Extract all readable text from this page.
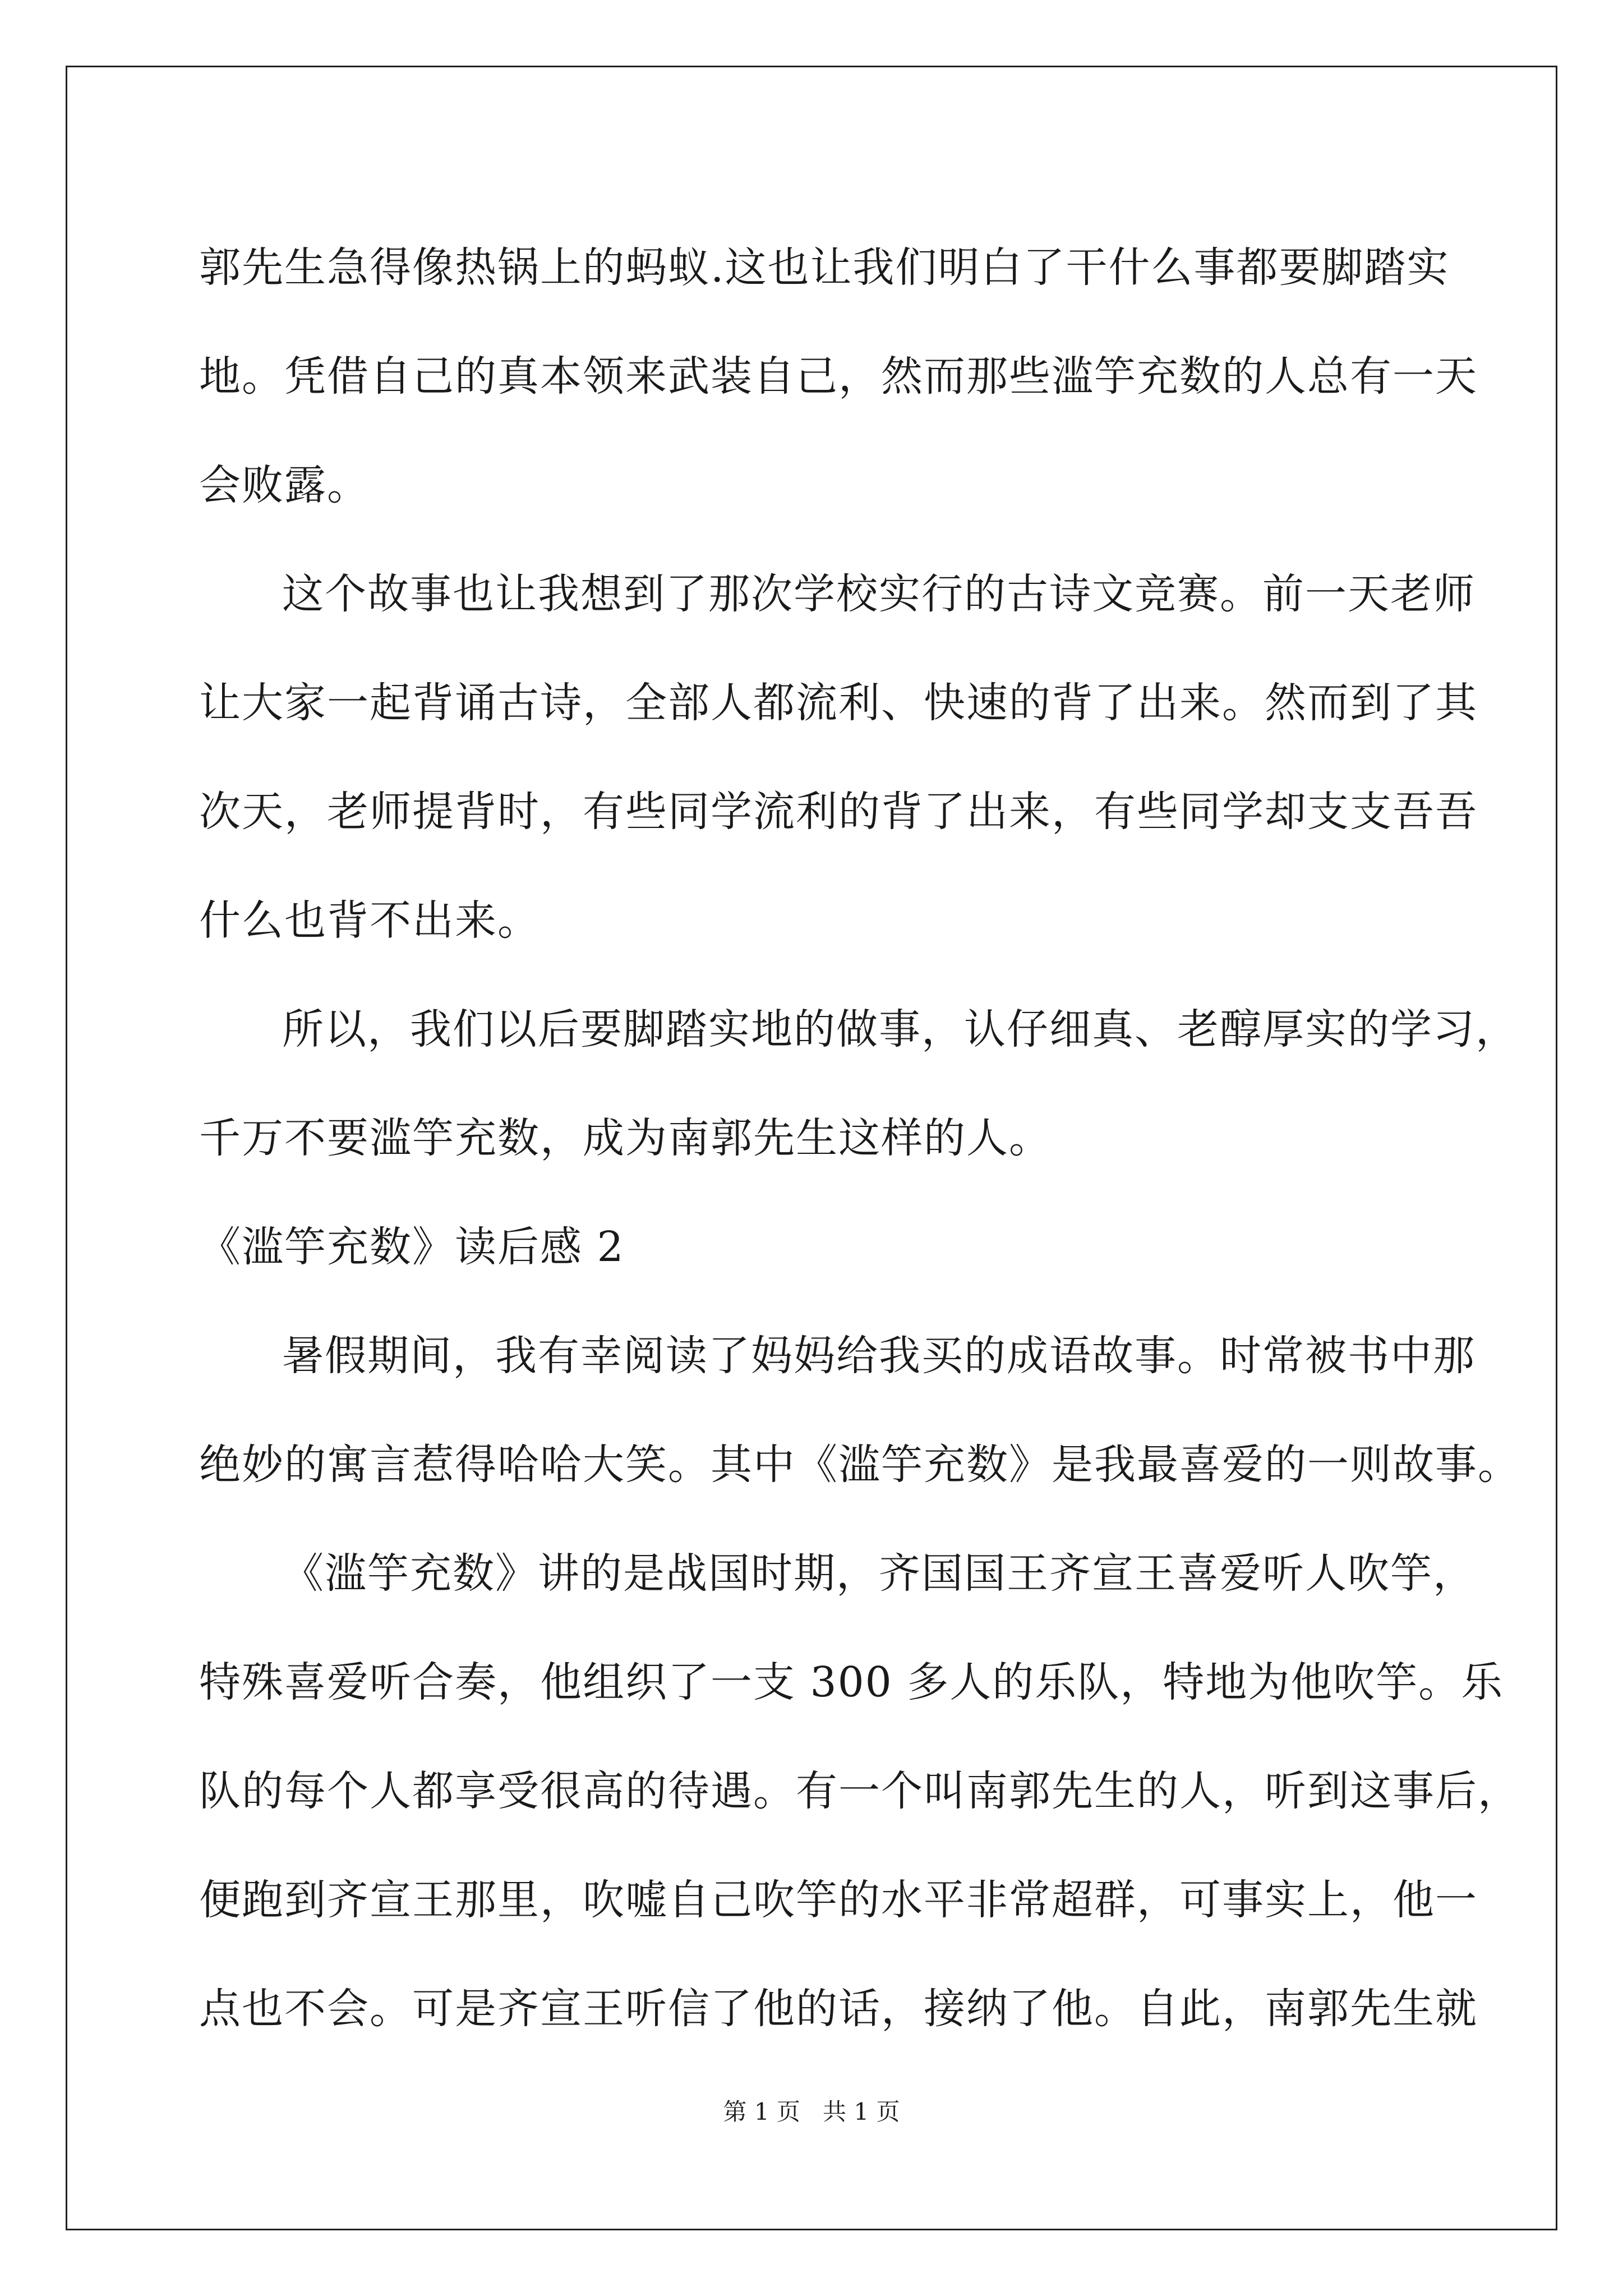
郭先生急得像热锅上的蚂蚁.这也让我们明白了干什么事都要脚踏实
地。凭借自己的真本领来武装自己，然而那些滥竽充数的人总有一天
会败露。
这个故事也让我想到了那次学校实行的古诗文竞赛。前一天老师
让大家一起背诵古诗，全部人都流利、快速的背了出来。然而到了其
次天，老师提背时，有些同学流利的背了出来，有些同学却支支吾吾
什么也背不出来。
所以，我们以后要脚踏实地的做事，认仔细真、老醇厚实的学习，
千万不要滥竽充数，成为南郭先生这样的人。
《滥竽充数》读后感 2
暑假期间，我有幸阅读了妈妈给我买的成语故事。时常被书中那
绝妙的寓言惹得哈哈大笑。其中《滥竽充数》是我最喜爱的一则故事。
《滥竽充数》讲的是战国时期，齐国国王齐宣王喜爱听人吹竽，
特殊喜爱听合奏，他组织了一支 300 多人的乐队，特地为他吹竽。乐
队的每个人都享受很高的待遇。有一个叫南郭先生的人，听到这事后，
便跑到齐宣王那里，吹嘘自己吹竽的水平非常超群，可事实上，他一
点也不会。可是齐宣王听信了他的话，接纳了他。自此，南郭先生就
第 1 页   共 1 页
